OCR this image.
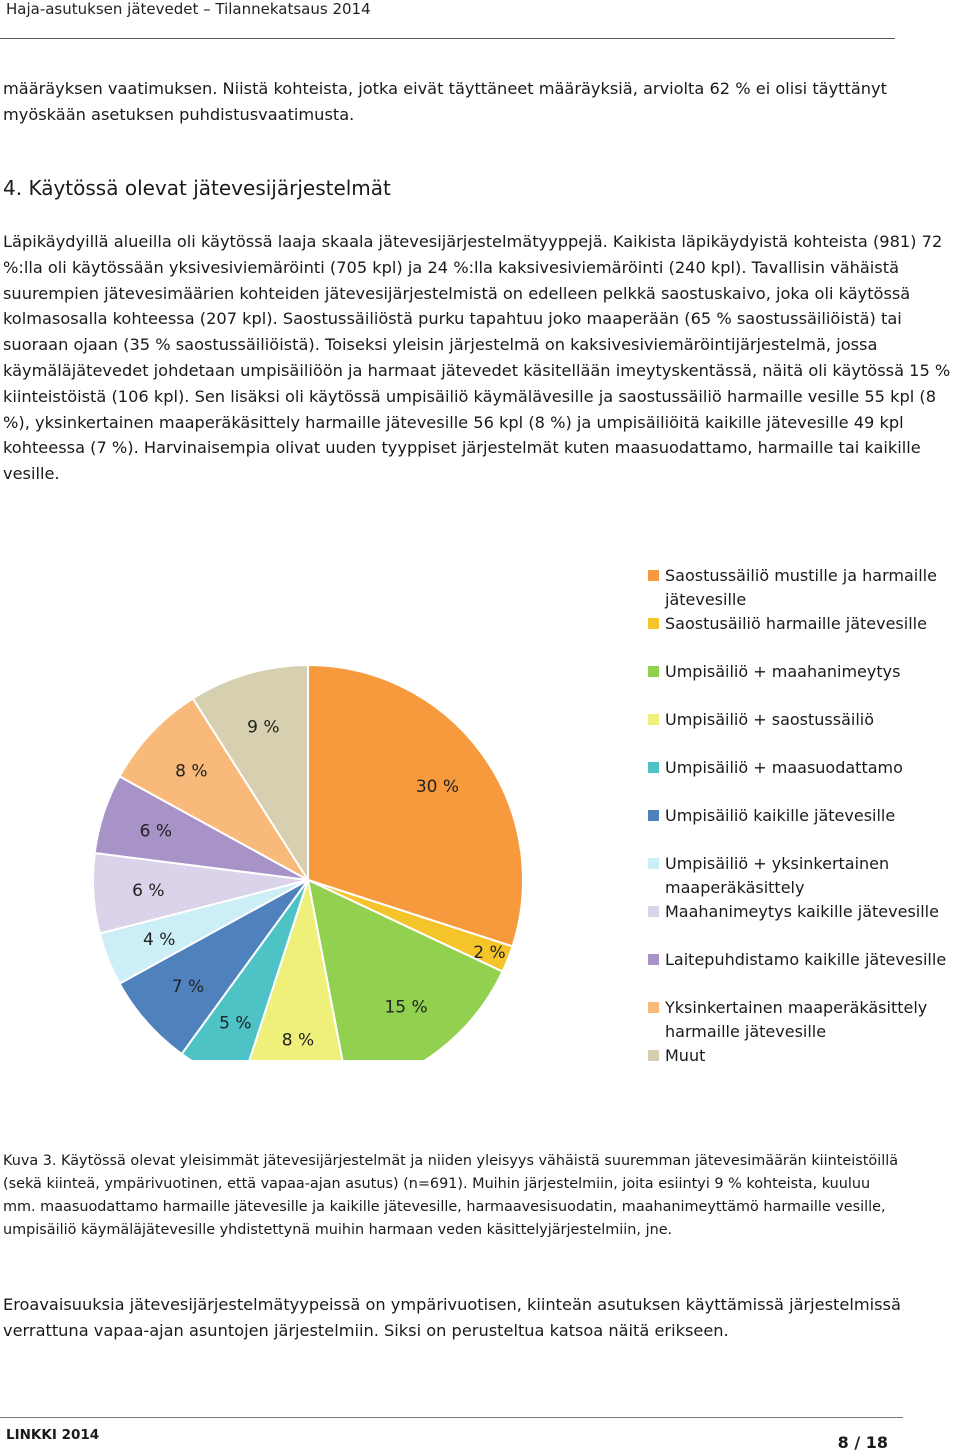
Haja-asutuksen jätevedet – Tilannekatsaus 2014

määräyksen vaatimuksen. Niistä kohteista, jotka eivät täyttäneet määräyksiä, arviolta 62 % ei olisi täyttänyt myöskään asetuksen puhdistusvaatimusta.

4. Käytössä olevat jätevesijärjestelmät

Läpikäydyillä alueilla oli käytössä laaja skaala jätevesijärjestelmätyyppejä. Kaikista läpikäydyistä kohteista (981) 72 %:lla oli käytössään yksivesiviemäröinti (705 kpl) ja 24 %:lla kaksivesiviemäröinti (240 kpl). Tavallisin vähäistä suurempien jätevesimäärien kohteiden jätevesijärjestelmistä on edelleen pelkkä saostuskaivo, joka oli käytössä kolmasosalla kohteessa (207 kpl). Saostussäiliöstä purku tapahtuu joko maaperään (65 % saostussäiliöistä) tai suoraan ojaan (35 % saostussäiliöistä). Toiseksi yleisin järjestelmä on kaksivesiviemäröintijärjestelmä, jossa käymäläjätevedet johdetaan umpisäiliöön ja harmaat jätevedet käsitellään imeytyskentässä, näitä oli käytössä 15 % kiinteistöistä (106 kpl). Sen lisäksi oli käytössä umpisäiliö käymälävesille ja saostussäiliö harmaille vesille 55 kpl (8 %), yksinkertainen maaperäkäsittely harmaille jätevesille 56 kpl (8 %) ja umpisäiliöitä kaikille jätevesille 49 kpl kohteessa (7 %). Harvinaisempia olivat uuden tyyppiset järjestelmät kuten maasuodattamo, harmaille tai kaikille vesille.

30 %
2 %
15 %
8 %
5 %
7 %
4 %
6 %
6 %
8 %
9 %
Saostussäiliö mustille ja harmaille jätevesille
Saostusäiliö harmaille jätevesille
Umpisäiliö + maahanimeytys
Umpisäiliö + saostussäiliö
Umpisäiliö + maasuodattamo
Umpisäiliö kaikille jätevesille
Umpisäiliö + yksinkertainen maaperäkäsittely
Maahanimeytys kaikille jätevesille
Laitepuhdistamo kaikille jätevesille
Yksinkertainen maaperäkäsittely harmaille jätevesille
Muut

Kuva 3. Käytössä olevat yleisimmät jätevesijärjestelmät ja niiden yleisyys vähäistä suuremman jätevesimäärän kiinteistöillä (sekä kiinteä, ympärivuotinen, että vapaa-ajan asutus) (n=691). Muihin järjestelmiin, joita esiintyi 9 % kohteista, kuuluu mm. maasuodattamo harmaille jätevesille ja kaikille jätevesille, harmaavesisuodatin, maahanimeyttämö harmaille vesille, umpisäiliö käymäläjätevesille yhdistettynä muihin harmaan veden käsittelyjärjestelmiin, jne.

Eroavaisuuksia jätevesijärjestelmätyypeissä on ympärivuotisen, kiinteän asutuksen käyttämissä järjestelmissä verrattuna vapaa-ajan asuntojen järjestelmiin. Siksi on perusteltua katsoa näitä erikseen.

LINKKI 2014	8 / 18
